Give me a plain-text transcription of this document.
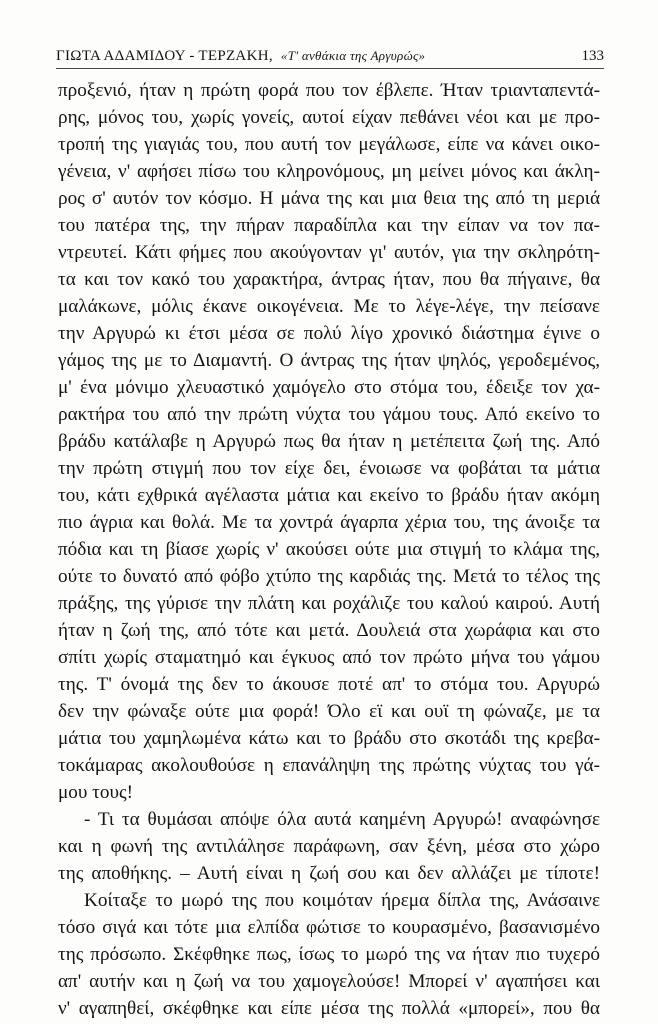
ΓΙΩΤΑ ΑΔΑΜΙΔΟΥ - ΤΕΡΖΑΚΗ, «Τ' ανθάκια της Αργυρώς»	133
προξενιό, ήταν η πρώτη φορά που τον έβλεπε. Ήταν τριανταπεντά-
ρης, μόνος του, χωρίς γονείς, αυτοί είχαν πεθάνει νέοι και με προ-
τροπή της γιαγιάς του, που αυτή τον μεγάλωσε, είπε να κάνει οικο-
γένεια, ν' αφήσει πίσω του κληρονόμους, μη μείνει μόνος και άκλη-
ρος σ' αυτόν τον κόσμο. Η μάνα της και μια θεια της από τη μεριά
του πατέρα της, την πήραν παραδίπλα και την είπαν να τον πα-
ντρευτεί. Κάτι φήμες που ακούγονταν γι' αυτόν, για την σκληρότη-
τα και τον κακό του χαρακτήρα, άντρας ήταν, που θα πήγαινε, θα
μαλάκωνε, μόλις έκανε οικογένεια. Με το λέγε-λέγε, την πείσανε
την Αργυρώ κι έτσι μέσα σε πολύ λίγο χρονικό διάστημα έγινε ο
γάμος της με το Διαμαντή. Ο άντρας της ήταν ψηλός, γεροδεμένος,
μ' ένα μόνιμο χλευαστικό χαμόγελο στο στόμα του, έδειξε τον χα-
ρακτήρα του από την πρώτη νύχτα του γάμου τους. Από εκείνο το
βράδυ κατάλαβε η Αργυρώ πως θα ήταν η μετέπειτα ζωή της. Από
την πρώτη στιγμή που τον είχε δει, ένοιωσε να φοβάται τα μάτια
του, κάτι εχθρικά αγέλαστα μάτια και εκείνο το βράδυ ήταν ακόμη
πιο άγρια και θολά. Με τα χοντρά άγαρπα χέρια του, της άνοιξε τα
πόδια και τη βίασε χωρίς ν' ακούσει ούτε μια στιγμή το κλάμα της,
ούτε το δυνατό από φόβο χτύπο της καρδιάς της. Μετά το τέλος της
πράξης, της γύρισε την πλάτη και ροχάλιζε του καλού καιρού. Αυτή
ήταν η ζωή της, από τότε και μετά. Δουλειά στα χωράφια και στο
σπίτι χωρίς σταματημό και έγκυος από τον πρώτο μήνα του γάμου
της. Τ' όνομά της δεν το άκουσε ποτέ απ' το στόμα του. Αργυρώ
δεν την φώναξε ούτε μια φορά! Όλο εϊ και ουϊ τη φώναζε, με τα
μάτια του χαμηλωμένα κάτω και το βράδυ στο σκοτάδι της κρεβα-
τοκάμαρας ακολουθούσε η επανάληψη της πρώτης νύχτας του γά-
μου τους!
- Τι τα θυμάσαι απόψε όλα αυτά καημένη Αργυρώ! αναφώνησε
και η φωνή της αντιλάλησε παράφωνη, σαν ξένη, μέσα στο χώρο
της αποθήκης. – Αυτή είναι η ζωή σου και δεν αλλάζει με τίποτε!
Κοίταξε το μωρό της που κοιμόταν ήρεμα δίπλα της, Ανάσαινε
τόσο σιγά και τότε μια ελπίδα φώτισε το κουρασμένο, βασανισμένο
της πρόσωπο. Σκέφθηκε πως, ίσως το μωρό της να ήταν πιο τυχερό
απ' αυτήν και η ζωή να του χαμογελούσε! Μπορεί ν' αγαπήσει και
ν' αγαπηθεί, σκέφθηκε και είπε μέσα της πολλά «μπορεί», που θα
